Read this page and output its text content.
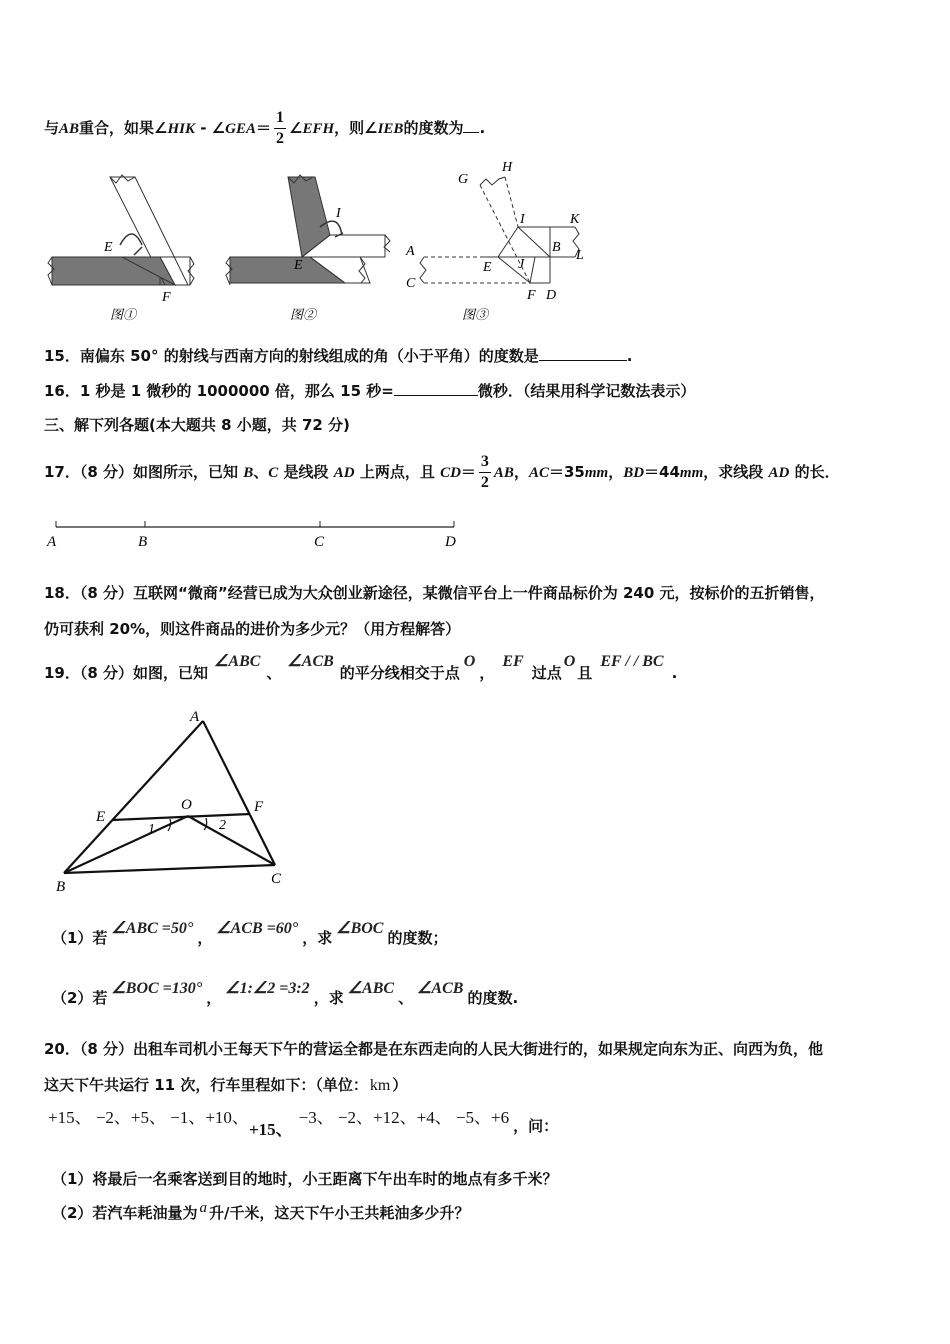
与AB重合，如果∠HIK - ∠GEA＝ $\frac{1}{2}$ ∠EFH，则∠IEB的度数为 .
E
F
图①
I
E
图②
G
H
I	K
A	B
L
E J
C
F D
图③
15．南偏东 50° 的射线与西南方向的射线组成的角（小于平角）的度数是	.
16．1 秒是 1 微秒的 1000000 倍，那么 15 秒=	微秒．（结果用科学记数法表示）
三、解下列各题(本大题共 8 小题，共 72 分)
17．（8 分）如图所示，已知 B、C 是线段 AD 上两点，且 $CD= \frac{3}{2}$ AB，AC＝35mm，BD＝44mm，求线段 AD 的长．
A	B	C	D
18．（8 分）互联网“微商”经营已成为大众创业新途径，某微信平台上一件商品标价为 240 元，按标价的五折销售，
仍可获利 20%，则这件商品的进价为多少元？（用方程解答）
19．（8 分）如图，已知∠ABC、∠ACB的平分线相交于点O，EF过点O且EF / / BC.
A
B	C
E
F
O
1	2
（1）若∠ABC =50°，∠ACB =60°，求∠BOC的度数；
（2）若∠BOC =130°，∠1:∠2 =3:2，求∠ABC、∠ACB的度数.
20．（8 分）出租车司机小王每天下午的营运全都是在东西走向的人民大街进行的，如果规定向东为正、向西为负，他
这天下午共运行 11 次，行车里程如下：（单位： km ）
+15、 −2、+5、 −1、+10、+15、−3、 −2、+12、+4、 −5、+6 ，问：
（1）将最后一名乘客送到目的地时，小王距离下午出车时的地点有多千米？
（2）若汽车耗油量为 a 升/千米，这天下午小王共耗油多少升？
